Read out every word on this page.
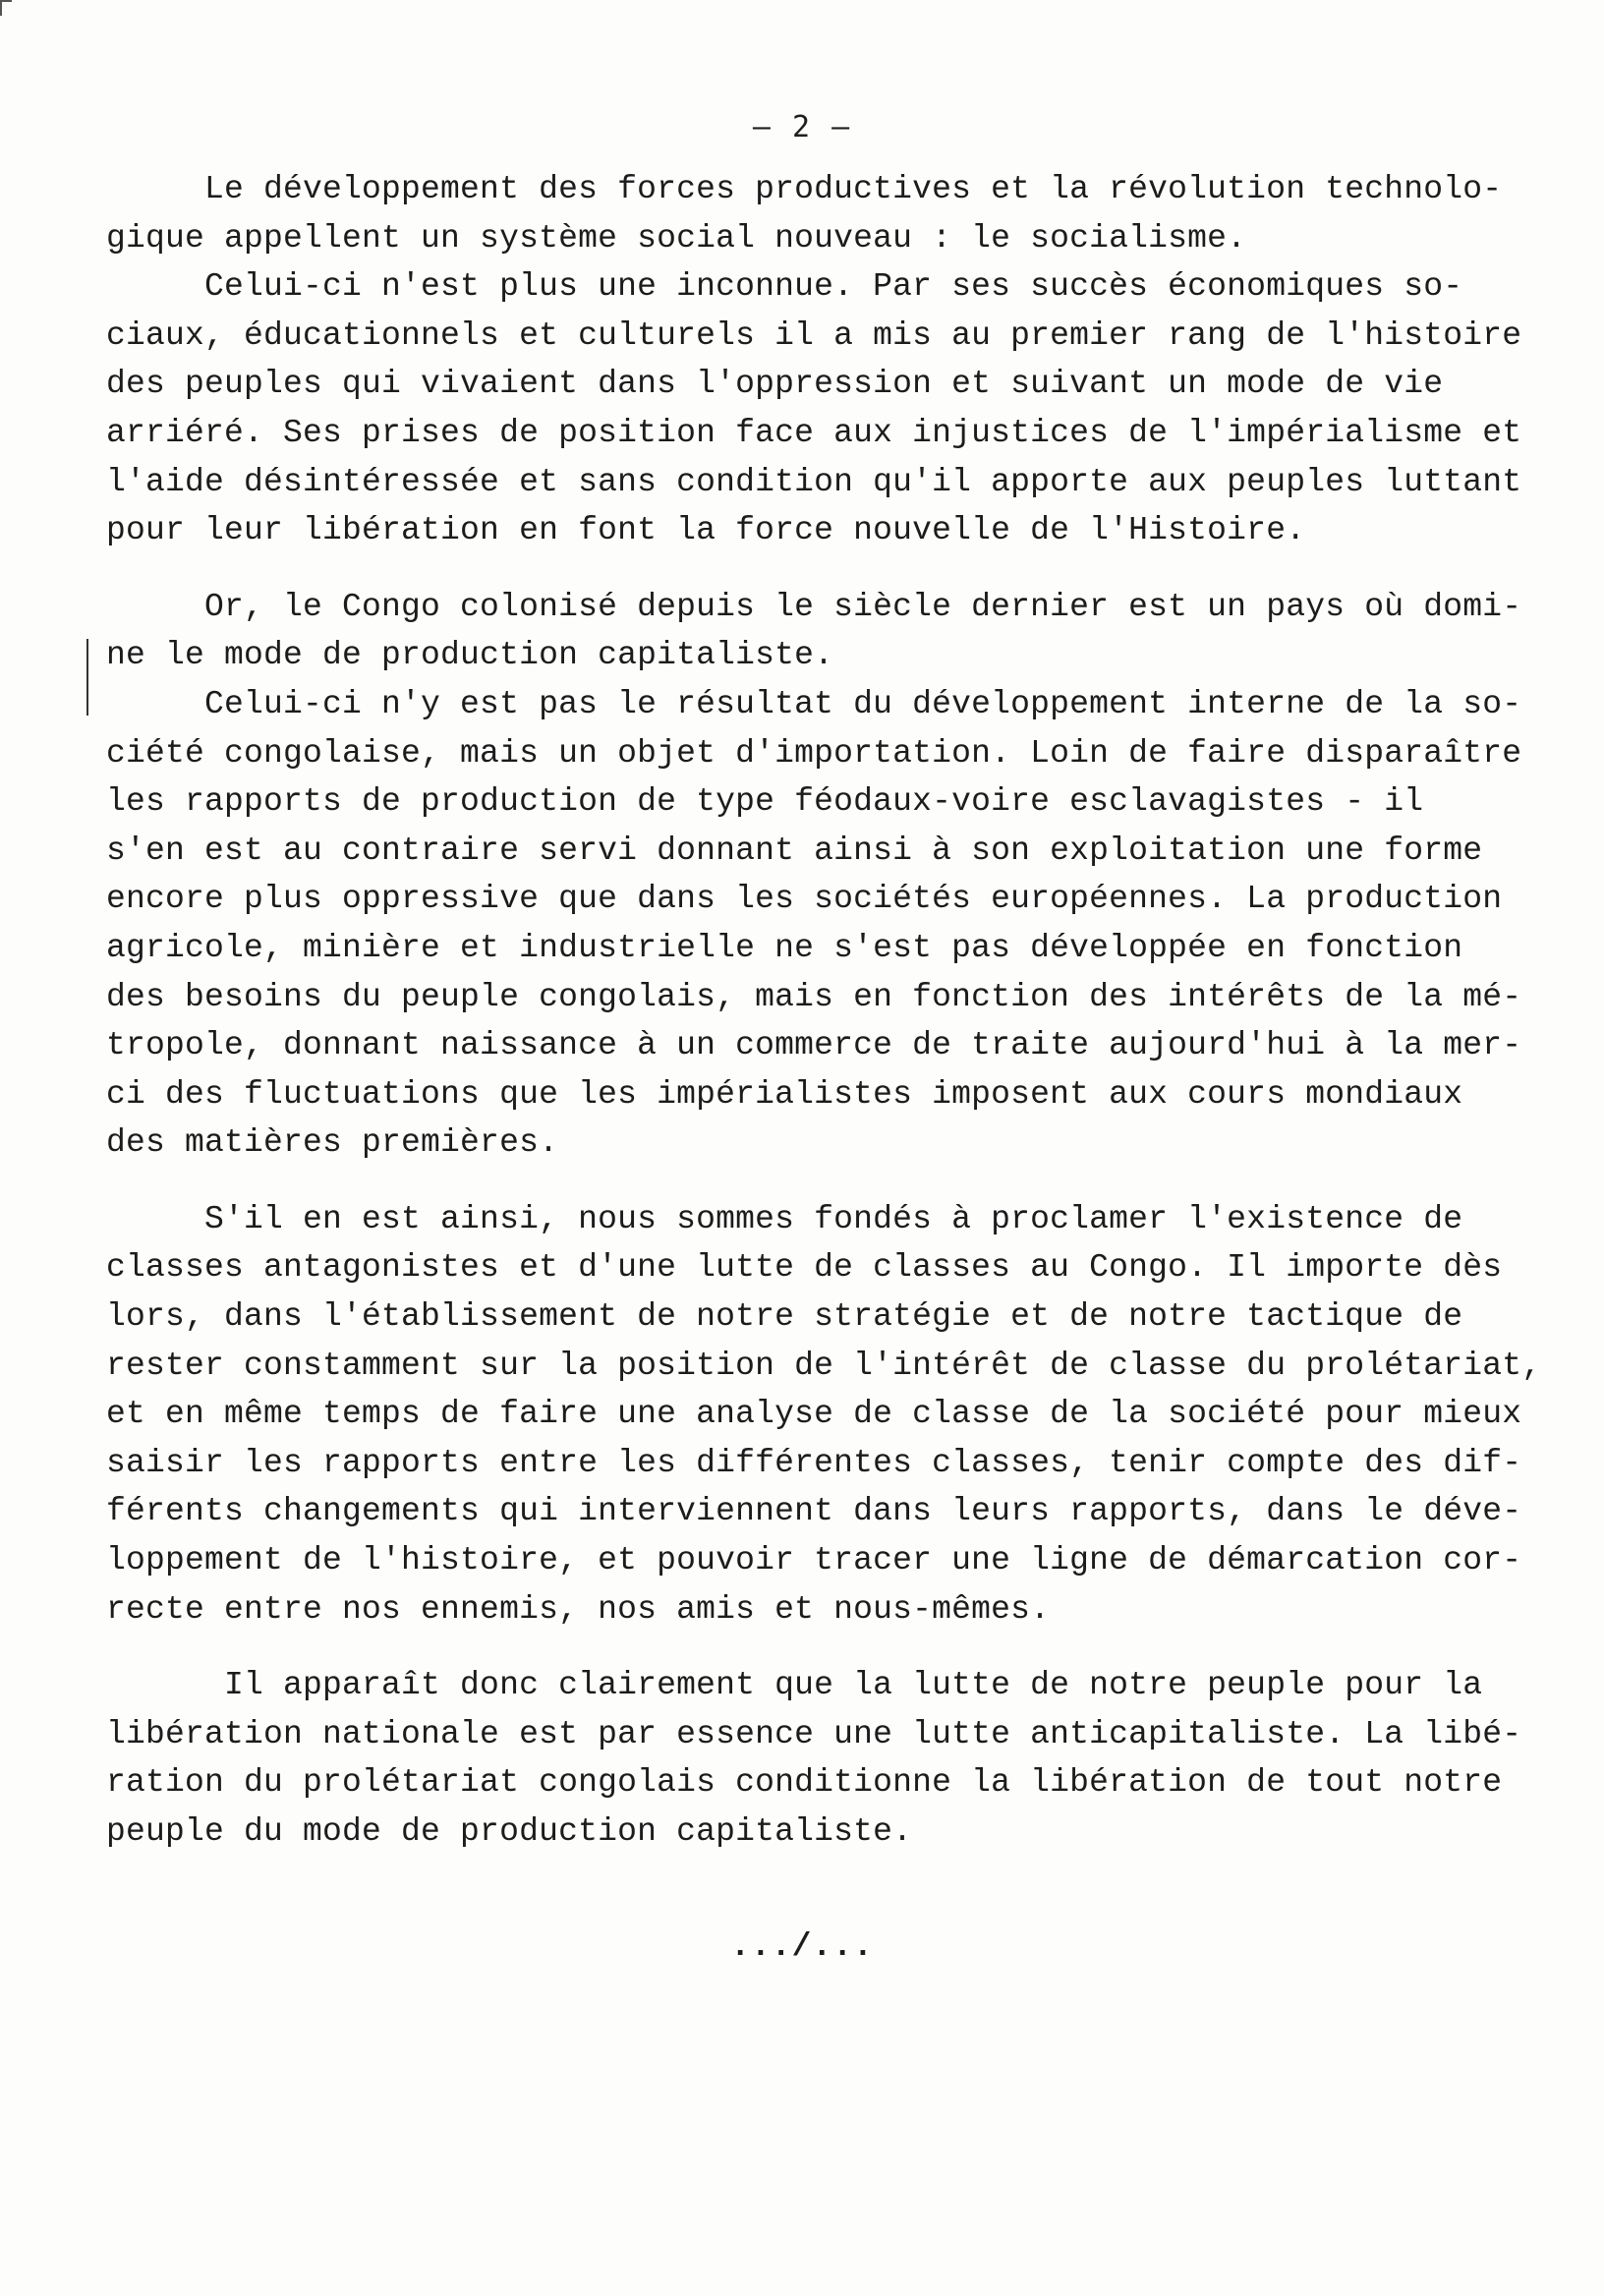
– 2 –

Le développement des forces productives et la révolution technolo-
gique appellent un système social nouveau : le socialisme.

Celui-ci n'est plus une inconnue. Par ses succès économiques so-
ciaux, éducationnels et culturels il a mis au premier rang de l'histoire
des peuples qui vivaient dans l'oppression et suivant un mode de vie
arriéré. Ses prises de position face aux injustices de l'impérialisme et
l'aide désintéressée et sans condition qu'il apporte aux peuples luttant
pour leur libération en font la force nouvelle de l'Histoire.

Or, le Congo colonisé depuis le siècle dernier est un pays où domi-
ne le mode de production capitaliste.

Celui-ci n'y est pas le résultat du développement interne de la so-
ciété congolaise, mais un objet d'importation. Loin de faire disparaître
les rapports de production de type féodaux-voire esclavagistes - il
s'en est au contraire servi donnant ainsi à son exploitation une forme
encore plus oppressive que dans les sociétés européennes. La production
agricole, minière et industrielle ne s'est pas développée en fonction
des besoins du peuple congolais, mais en fonction des intérêts de la mé-
tropole, donnant naissance à un commerce de traite aujourd'hui à la mer-
ci des fluctuations que les impérialistes imposent aux cours mondiaux
des matières premières.

S'il en est ainsi, nous sommes fondés à proclamer l'existence de
classes antagonistes et d'une lutte de classes au Congo. Il importe dès
lors, dans l'établissement de notre stratégie et de notre tactique de
rester constamment sur la position de l'intérêt de classe du prolétariat,
et en même temps de faire une analyse de classe de la société pour mieux
saisir les rapports entre les différentes classes, tenir compte des dif-
férents changements qui interviennent dans leurs rapports, dans le déve-
loppement de l'histoire, et pouvoir tracer une ligne de démarcation cor-
recte entre nos ennemis, nos amis et nous-mêmes.

Il apparaît donc clairement que la lutte de notre peuple pour la
libération nationale est par essence une lutte anticapitaliste. La libé-
ration du prolétariat congolais conditionne la libération de tout notre
peuple du mode de production capitaliste.

.../...
